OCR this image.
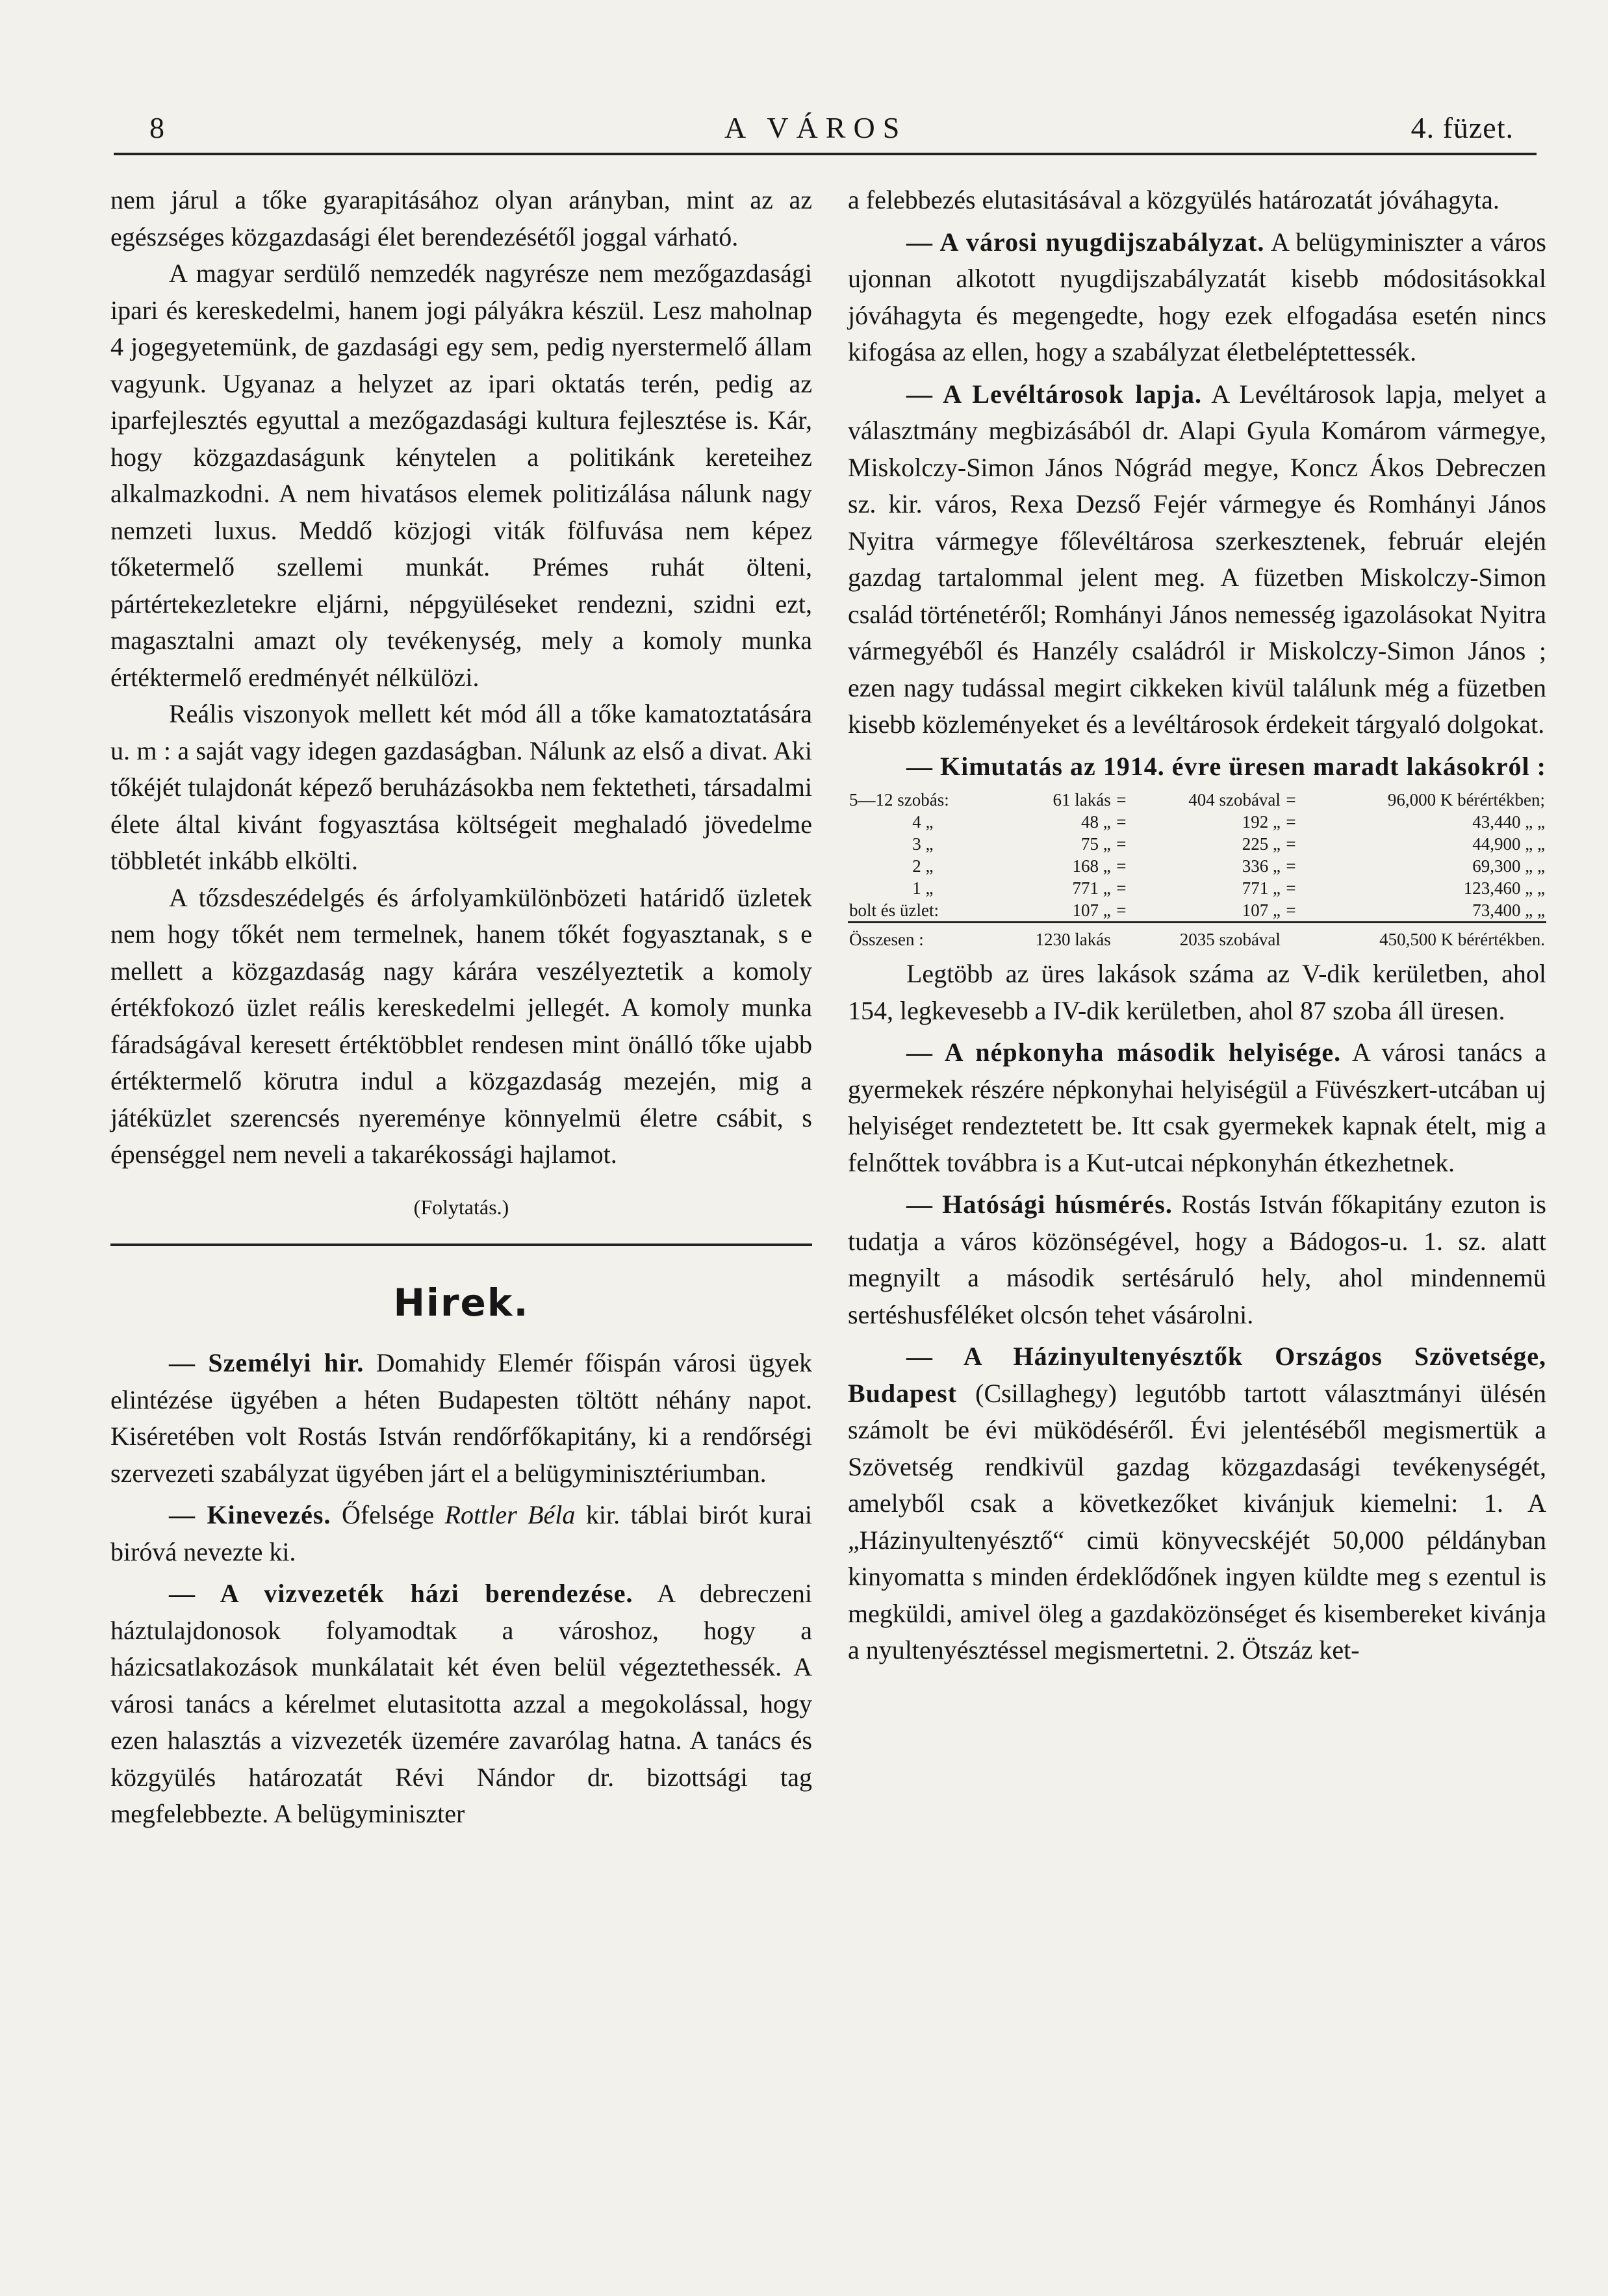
8	A VÁROS	4. füzet.

nem járul a tőke gyarapitásához olyan arányban, mint az az egészséges közgazdasági élet berendezésétől joggal várható.

A magyar serdülő nemzedék nagyrésze nem mezőgazdasági ipari és kereskedelmi, hanem jogi pályákra készül. Lesz maholnap 4 jogegyetemünk, de gazdasági egy sem, pedig nyerstermelő állam vagyunk. Ugyanaz a helyzet az ipari oktatás terén, pedig az iparfejlesztés egyuttal a mezőgazdasági kultura fejlesztése is. Kár, hogy közgazdaságunk kénytelen a politikánk kereteihez alkalmazkodni. A nem hivatásos elemek politizálása nálunk nagy nemzeti luxus. Meddő közjogi viták fölfuvása nem képez tőketermelő szellemi munkát. Prémes ruhát ölteni, pártértekezletekre eljárni, népgyüléseket rendezni, szidni ezt, magasztalni amazt oly tevékenység, mely a komoly munka értéktermelő eredményét nélkülözi.

Reális viszonyok mellett két mód áll a tőke kamatoztatására u. m : a saját vagy idegen gazdaságban. Nálunk az első a divat. Aki tőkéjét tulajdonát képező beruházásokba nem fektetheti, társadalmi élete által kivánt fogyasztása költségeit meghaladó jövedelme többletét inkább elkölti.

A tőzsdeszédelgés és árfolyamkülönbözeti határidő üzletek nem hogy tőkét nem termelnek, hanem tőkét fogyasztanak, s e mellett a közgazdaság nagy kárára veszélyeztetik a komoly értékfokozó üzlet reális kereskedelmi jellegét. A komoly munka fáradságával keresett értéktöbblet rendesen mint önálló tőke ujabb értéktermelő körutra indul a közgazdaság mezején, mig a játéküzlet szerencsés nyereménye könnyelmü életre csábit, s épenséggel nem neveli a takarékossági hajlamot.

(Folytatás.)
Hirek.

— Személyi hir. Domahidy Elemér főispán városi ügyek elintézése ügyében a héten Budapesten töltött néhány napot. Kiséretében volt Rostás István rendőrfőkapitány, ki a rendőrségi szervezeti szabályzat ügyében járt el a belügyminisztériumban.

— Kinevezés. Őfelsége Rottler Béla kir. táblai birót kurai biróvá nevezte ki.

— A vizvezeték házi berendezése. A debreczeni háztulajdonosok folyamodtak a városhoz, hogy a házicsatlakozások munkálatait két éven belül végeztethessék. A városi tanács a kérelmet elutasitotta azzal a megokolással, hogy ezen halasztás a vizvezeték üzemére zavarólag hatna. A tanács és közgyülés határozatát Révi Nándor dr. bizottsági tag megfelebbezte. A belügyminiszter

a felebbezés elutasitásával a közgyülés határozatát jóváhagyta.

— A városi nyugdijszabályzat. A belügyminiszter a város ujonnan alkotott nyugdijszabályzatát kisebb módositásokkal jóváhagyta és megengedte, hogy ezek elfogadása esetén nincs kifogása az ellen, hogy a szabályzat életbeléptettessék.

— A Levéltárosok lapja. A Levéltárosok lapja, melyet a választmány megbizásából dr. Alapi Gyula Komárom vármegye, Miskolczy-Simon János Nógrád megye, Koncz Ákos Debreczen sz. kir. város, Rexa Dezső Fejér vármegye és Romhányi János Nyitra vármegye főlevéltárosa szerkesztenek, február elején gazdag tartalommal jelent meg. A füzetben Miskolczy-Simon család történetéről; Romhányi János nemesség igazolásokat Nyitra vármegyéből és Hanzély családról ir Miskolczy-Simon János ; ezen nagy tudással megirt cikkeken kivül találunk még a füzetben kisebb közleményeket és a levéltárosok érdekeit tárgyaló dolgokat.

— Kimutatás az 1914. évre üresen maradt lakásokról :

5—12 szobás:	61 lakás	=	404 szobával	=	96,000 K bérértékben;
4 „	48 „	=	192 „	=	43,440 „ „
3 „	75 „	=	225 „	=	44,900 „ „
2 „	168 „	=	336 „	=	69,300 „ „
1 „	771 „	=	771 „	=	123,460 „ „
bolt és üzlet:	107 „	=	107 „	=	73,400 „ „
Összesen :	1230 lakás		2035 szobával		450,500 K bérértékben.

Legtöbb az üres lakások száma az V-dik kerületben, ahol 154, legkevesebb a IV-dik kerületben, ahol 87 szoba áll üresen.

— A népkonyha második helyisége. A városi tanács a gyermekek részére népkonyhai helyiségül a Füvészkert-utcában uj helyiséget rendeztetett be. Itt csak gyermekek kapnak ételt, mig a felnőttek továbbra is a Kut-utcai népkonyhán étkezhetnek.

— Hatósági húsmérés. Rostás István főkapitány ezuton is tudatja a város közönségével, hogy a Bádogos-u. 1. sz. alatt megnyilt a második sertésáruló hely, ahol mindennemü sertéshusféléket olcsón tehet vásárolni.

— A Házinyultenyésztők Országos Szövetsége, Budapest (Csillaghegy) legutóbb tartott választmányi ülésén számolt be évi müködéséről. Évi jelentéséből megismertük a Szövetség rendkivül gazdag közgazdasági tevékenységét, amelyből csak a következőket kivánjuk kiemelni: 1. A „Házinyultenyésztő“ cimü könyvecskéjét 50,000 példányban kinyomatta s minden érdeklődőnek ingyen küldte meg s ezentul is megküldi, amivel öleg a gazdaközönséget és kisembereket kivánja a nyultenyésztéssel megismertetni. 2. Ötszáz ket-
